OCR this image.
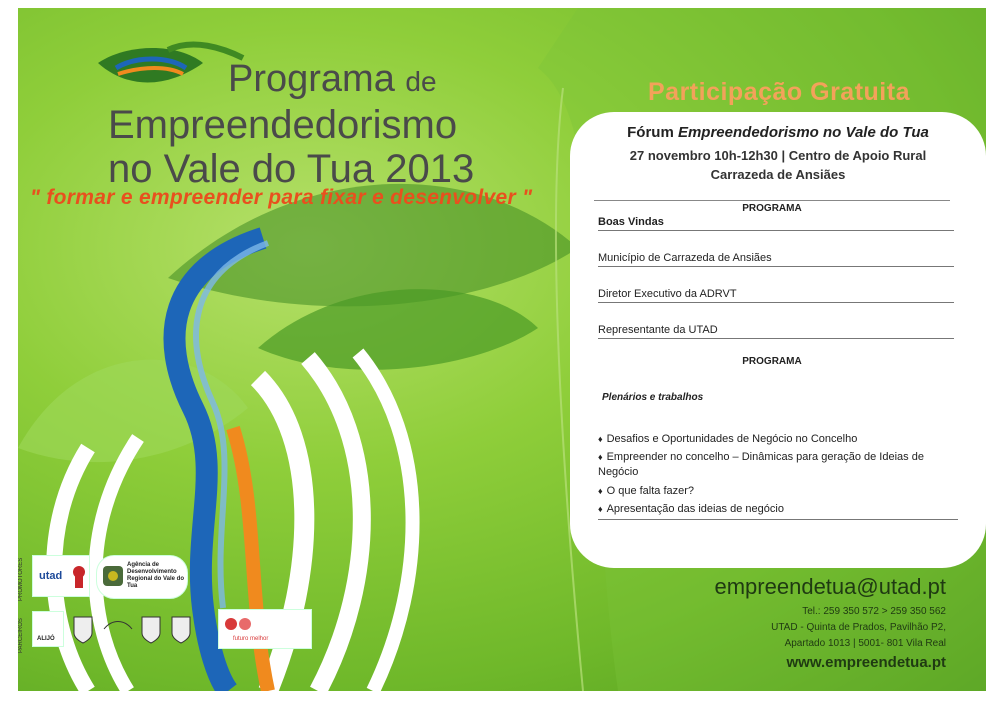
Programa de
Empreendedorismo
no Vale do Tua 2013
" formar e empreender para fixar e desenvolver "
Participação Gratuita
Fórum Empreendedorismo no Vale do Tua
27 novembro 10h-12h30 | Centro de Apoio Rural
Carrazeda de Ansiães
PROGRAMA
Boas Vindas
Município de Carrazeda de Ansiães
Diretor Executivo da ADRVT
Representante da UTAD
PROGRAMA
Plenários e trabalhos
♦ Desafios e Oportunidades de Negócio no Concelho
♦ Empreender no concelho – Dinâmicas para geração de Ideias de Negócio
♦ O que falta fazer?
♦ Apresentação das ideias de negócio
empreendetua@utad.pt
Tel.: 259 350 572 > 259 350 562
UTAD - Quinta de Prados, Pavilhão P2,
Apartado 1013 | 5001- 801 Vila Real
www.empreendetua.pt
PROMOTORES
PARCEIROS
utad
Agência de Desenvolvimento Regional do Vale do Tua
ALIJÓ	futuro melhor
